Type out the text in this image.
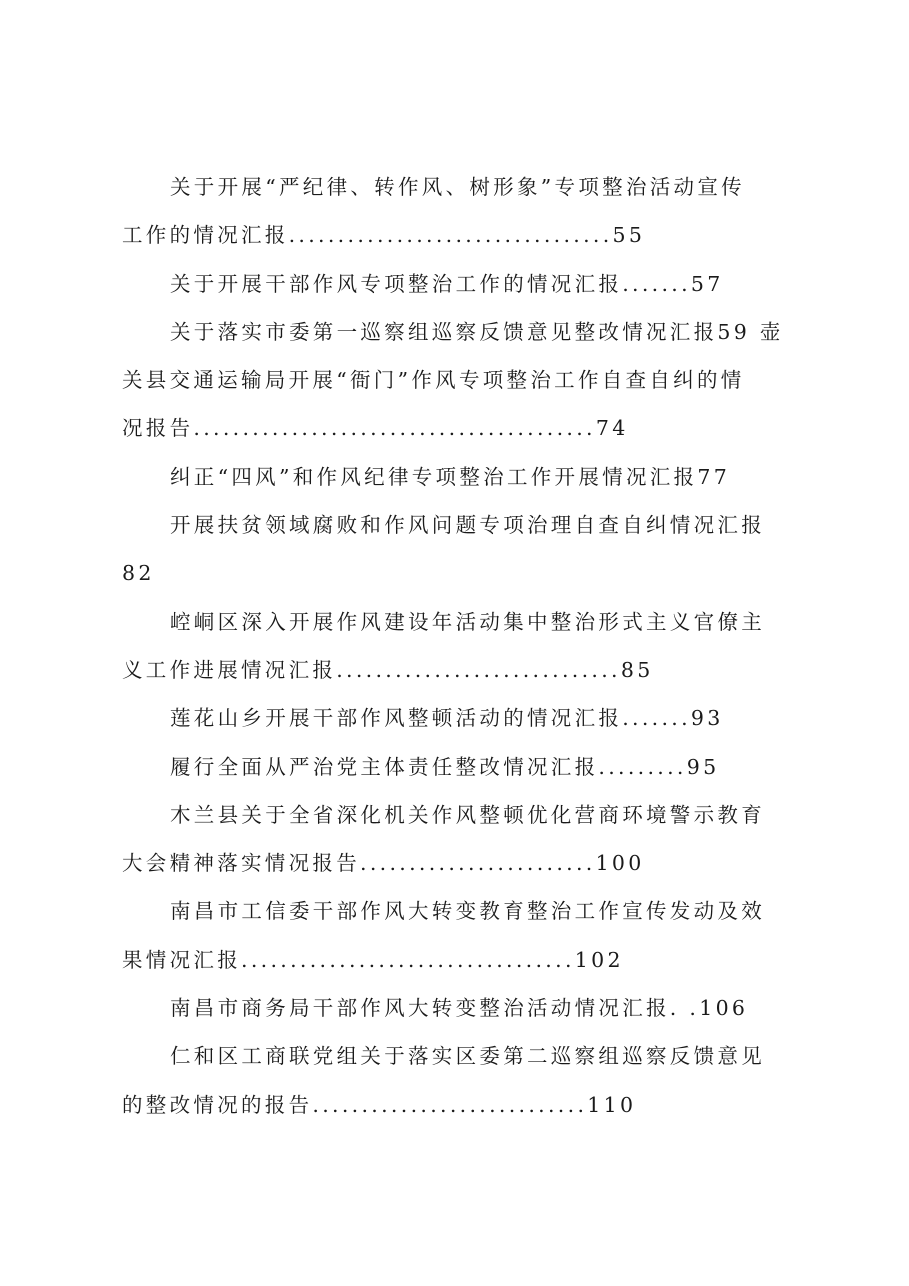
关于开展“严纪律、转作风、树形象”专项整治活动宣传

工作的情况汇报.................................55

关于开展干部作风专项整治工作的情况汇报.......57

关于落实市委第一巡察组巡察反馈意见整改情况汇报59 壶

关县交通运输局开展“衙门”作风专项整治工作自查自纠的情

况报告.........................................74

纠正“四风”和作风纪律专项整治工作开展情况汇报77

开展扶贫领域腐败和作风问题专项治理自查自纠情况汇报

82

崆峒区深入开展作风建设年活动集中整治形式主义官僚主

义工作进展情况汇报.............................85

莲花山乡开展干部作风整顿活动的情况汇报.......93

履行全面从严治党主体责任整改情况汇报.........95

木兰县关于全省深化机关作风整顿优化营商环境警示教育

大会精神落实情况报告........................100

南昌市工信委干部作风大转变教育整治工作宣传发动及效

果情况汇报..................................102

南昌市商务局干部作风大转变整治活动情况汇报. .106

仁和区工商联党组关于落实区委第二巡察组巡察反馈意见

的整改情况的报告............................110
